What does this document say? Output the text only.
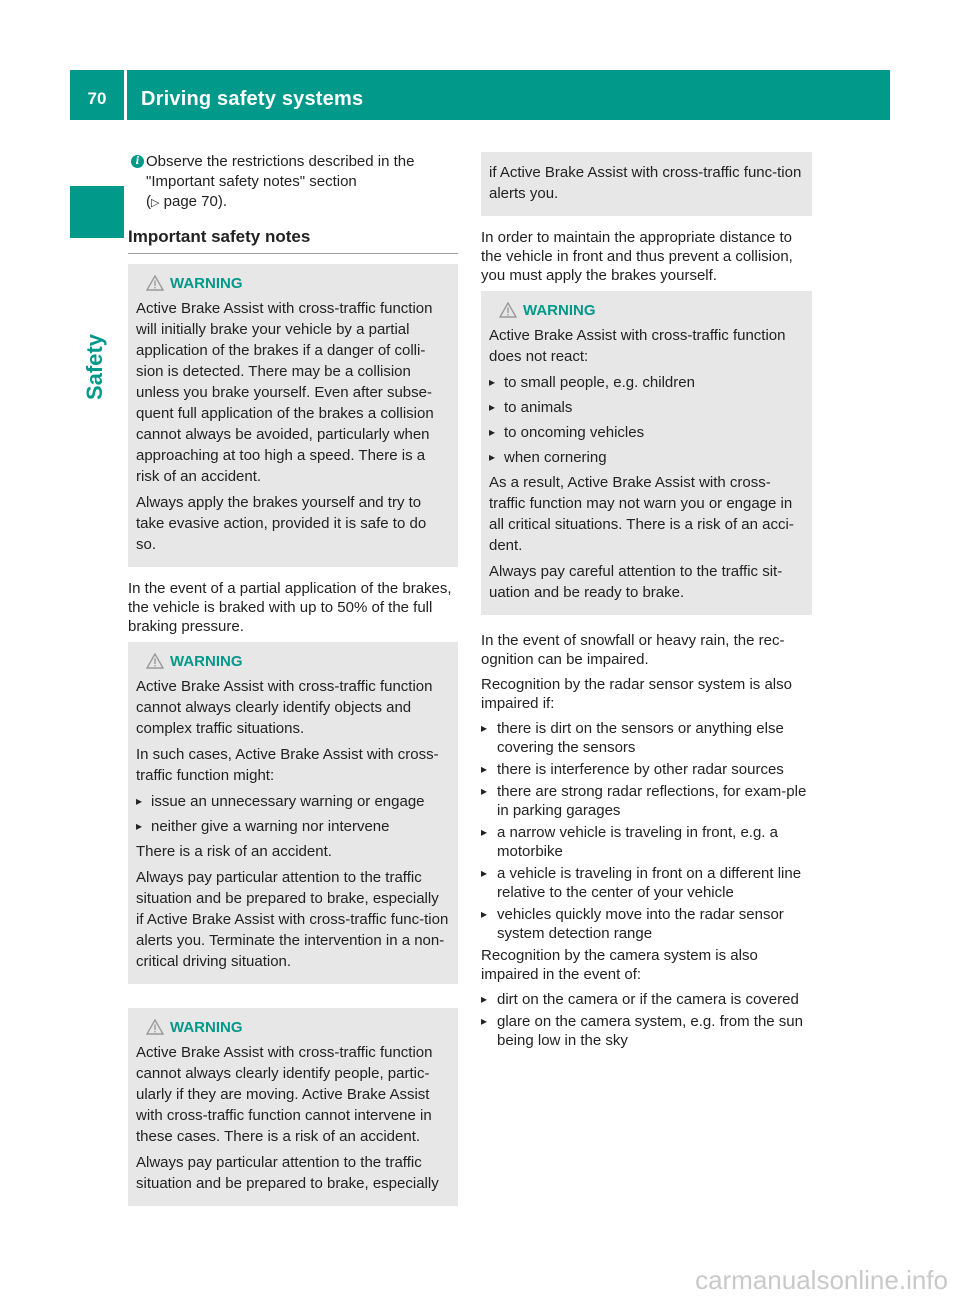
70	Driving safety systems
Safety
i Observe the restrictions described in the

"Important safety notes" section

(▷ page 70).

Important safety notes
WARNING

Active Brake Assist with cross-traffic function will initially brake your vehicle by a partial application of the brakes if a danger of colli-sion is detected. There may be a collision unless you brake yourself. Even after subse-quent full application of the brakes a collision cannot always be avoided, particularly when approaching at too high a speed. There is a risk of an accident.

Always apply the brakes yourself and try to take evasive action, provided it is safe to do so.

In the event of a partial application of the brakes, the vehicle is braked with up to 50% of the full braking pressure.

WARNING

Active Brake Assist with cross-traffic function cannot always clearly identify objects and complex traffic situations.

In such cases, Active Brake Assist with cross-traffic function might:

▸ issue an unnecessary warning or engage
▸ neither give a warning nor intervene

There is a risk of an accident.

Always pay particular attention to the traffic situation and be prepared to brake, especially if Active Brake Assist with cross-traffic func-tion alerts you. Terminate the intervention in a non-critical driving situation.

WARNING

Active Brake Assist with cross-traffic function cannot always clearly identify people, partic-ularly if they are moving. Active Brake Assist with cross-traffic function cannot intervene in these cases. There is a risk of an accident.

Always pay particular attention to the traffic situation and be prepared to brake, especially

if Active Brake Assist with cross-traffic func-tion alerts you.

In order to maintain the appropriate distance to the vehicle in front and thus prevent a collision, you must apply the brakes yourself.

WARNING

Active Brake Assist with cross-traffic function does not react:

▸ to small people, e.g. children
▸ to animals
▸ to oncoming vehicles
▸ when cornering

As a result, Active Brake Assist with cross-traffic function may not warn you or engage in all critical situations. There is a risk of an acci-dent.

Always pay careful attention to the traffic sit-uation and be ready to brake.

In the event of snowfall or heavy rain, the rec-ognition can be impaired.

Recognition by the radar sensor system is also impaired if:

▸ there is dirt on the sensors or anything else covering the sensors
▸ there is interference by other radar sources
▸ there are strong radar reflections, for exam-ple in parking garages
▸ a narrow vehicle is traveling in front, e.g. a motorbike
▸ a vehicle is traveling in front on a different line relative to the center of your vehicle
▸ vehicles quickly move into the radar sensor system detection range

Recognition by the camera system is also impaired in the event of:

▸ dirt on the camera or if the camera is covered
▸ glare on the camera system, e.g. from the sun being low in the sky
carmanualsonline.info
